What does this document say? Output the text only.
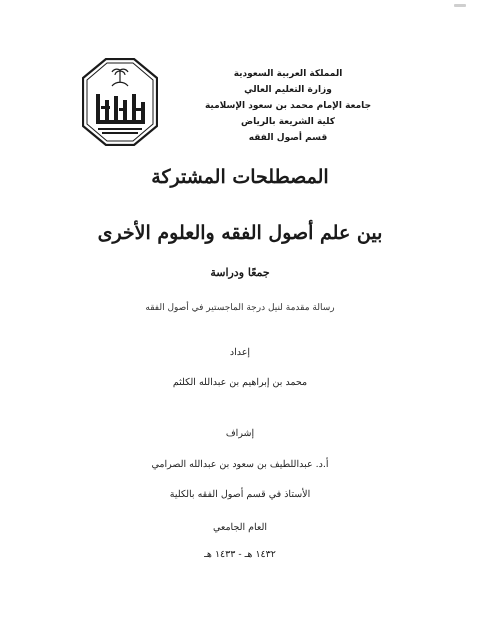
المملكة العربية السعودية
وزارة التعليم العالي
جامعة الإمام محمد بن سعود الإسلامية
كلية الشريعة بالرياض
قسم أصول الفقه
المصطلحات المشتركة
بين علم أصول الفقه والعلوم الأخرى
جمعًا ودراسة
رسالة مقدمة لنيل درجة الماجستير في أصول الفقه
إعداد
محمد بن إبراهيم بن عبدالله الكلثم
إشراف
أ.د. عبداللطيف بن سعود بن عبدالله الصرامي
الأستاذ في قسم أصول الفقه بالكلية
العام الجامعي
١٤٣٢ هـ - ١٤٣٣ هـ
